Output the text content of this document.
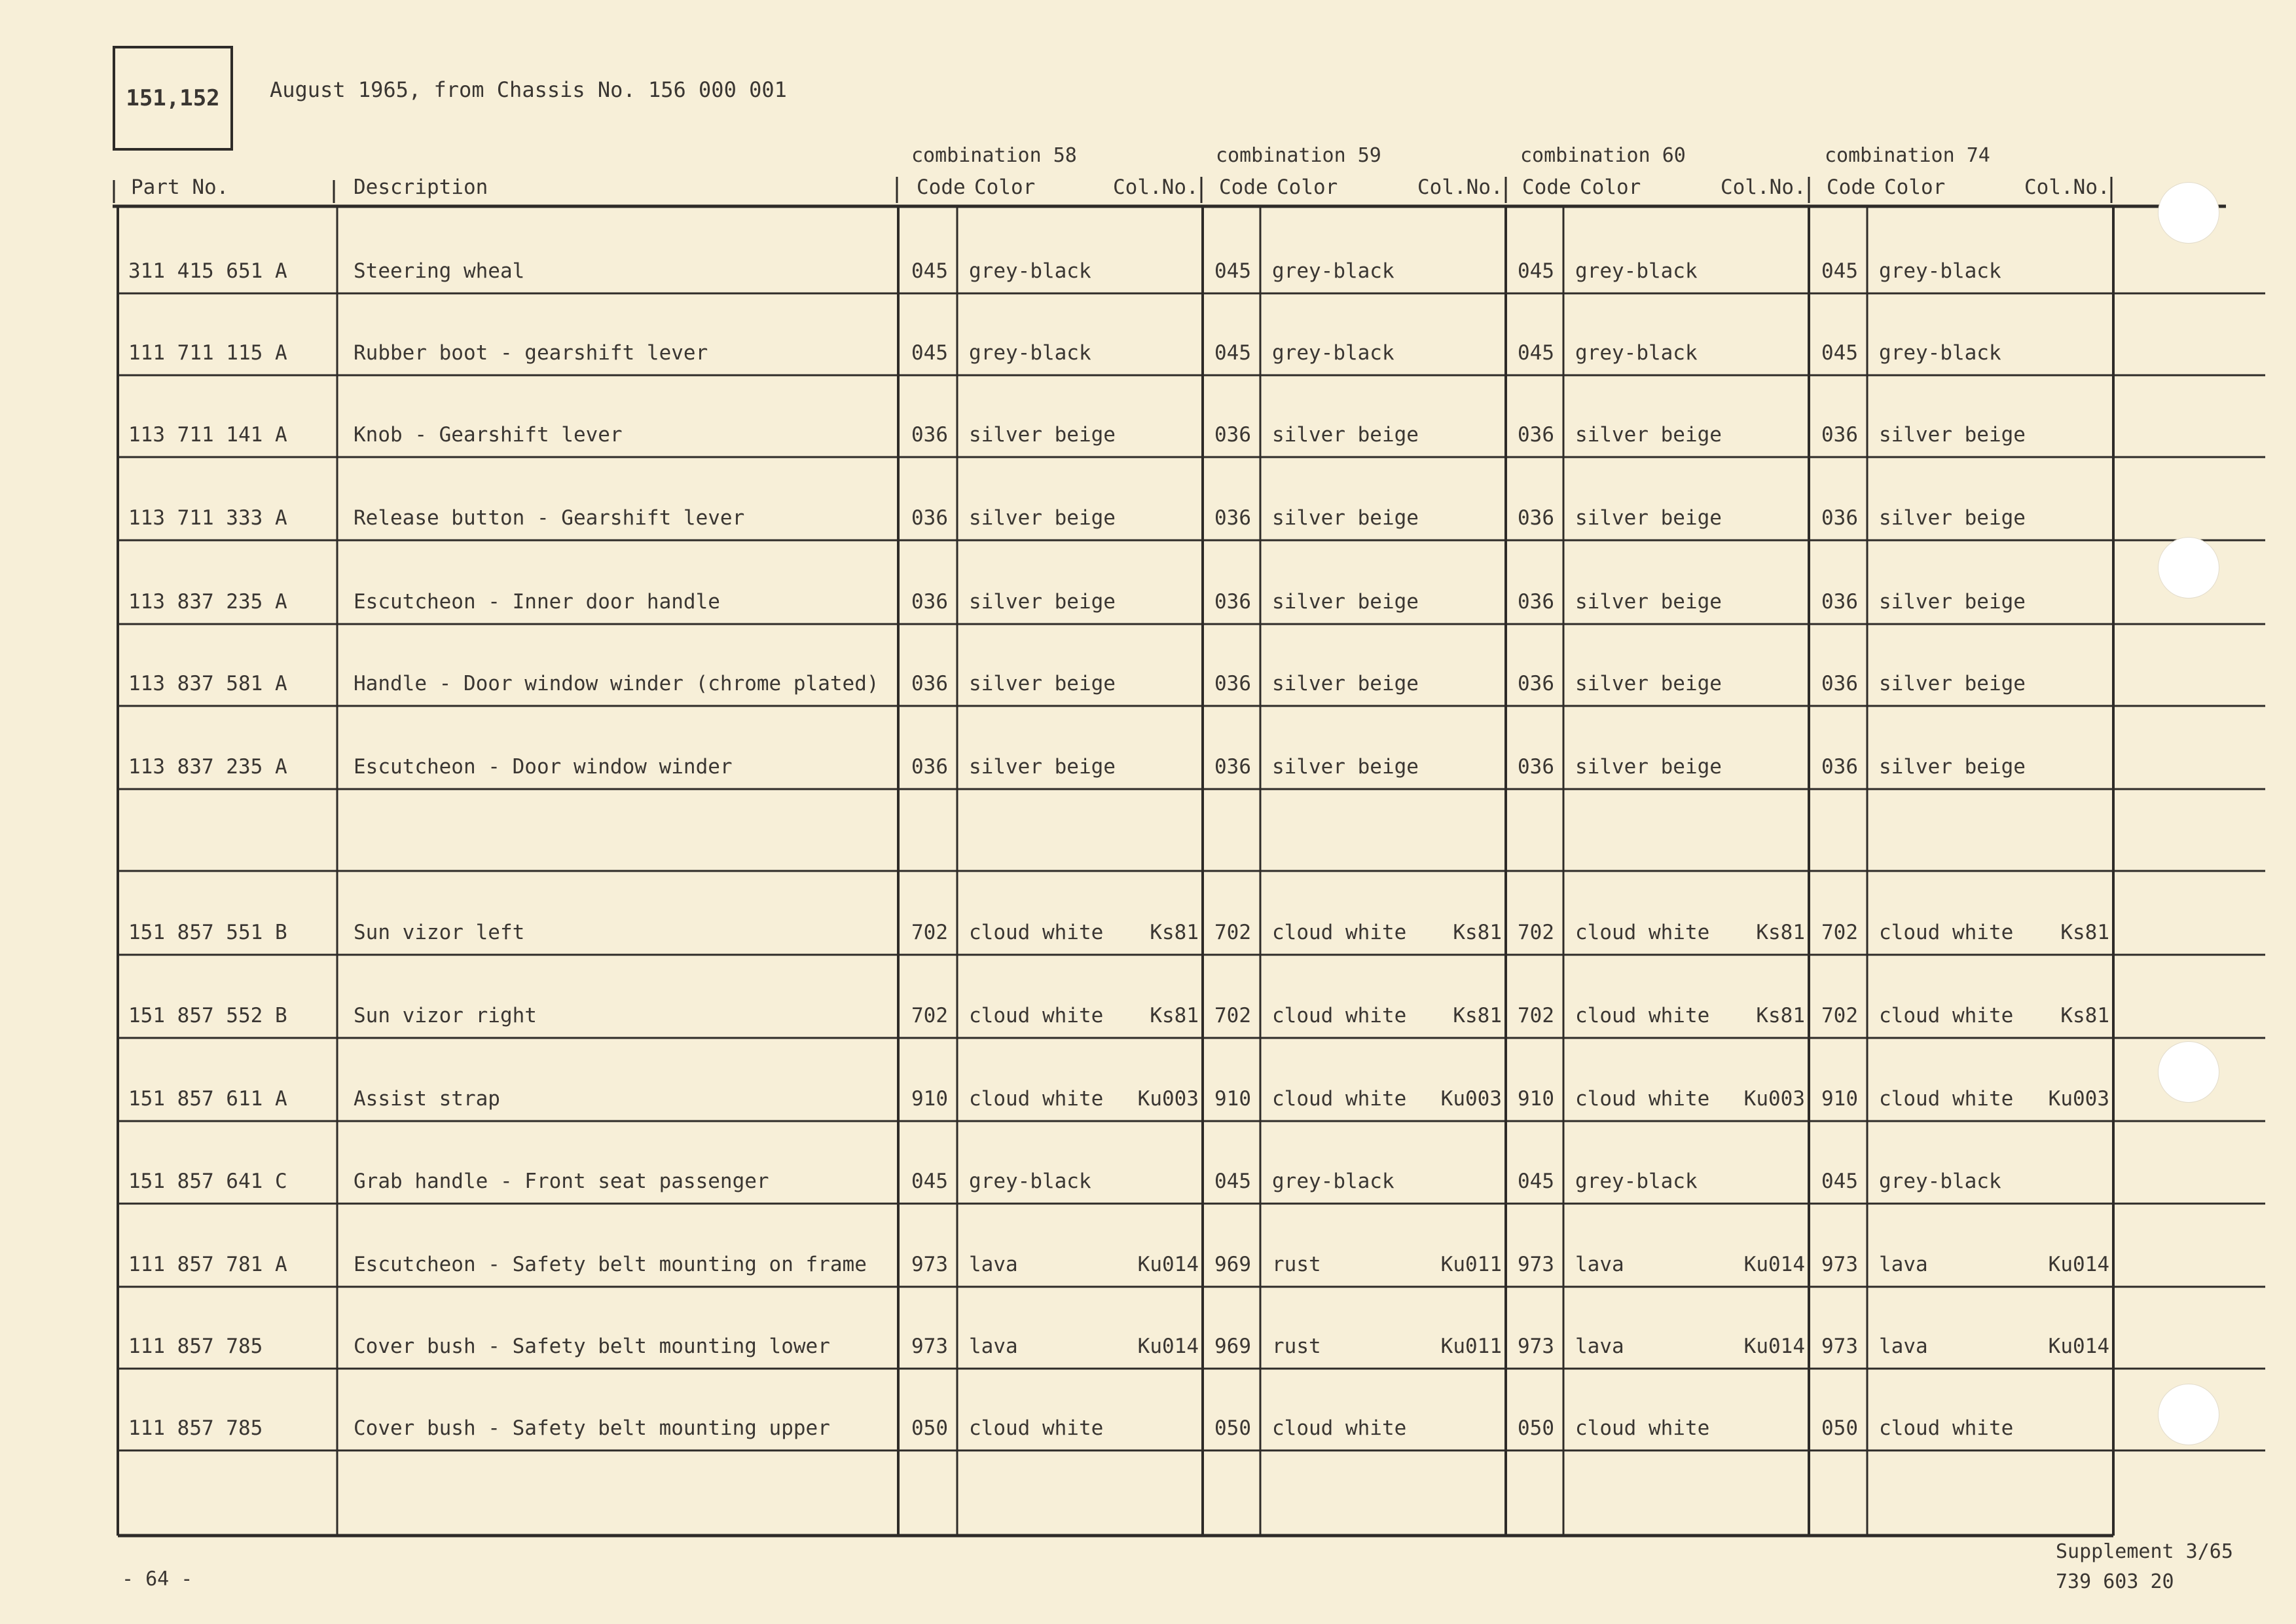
151,152 August 1965, from Chassis No. 156 000 001
combination 58	combination 59	combination 60	combination 74
Part No.	Description	Code Color	Col.No. Code Color	Col.No. Code Color	Col.No. Code Color	Col.No.
311 415 651 A	Steering wheal	045 grey-black	045 grey-black	045 grey-black	045 grey-black
111 711 115 A	Rubber boot - gearshift lever	045 grey-black	045 grey-black	045 grey-black	045 grey-black
113 711 141 A	Knob - Gearshift lever	036 silver beige	036 silver beige	036 silver beige	036 silver beige
113 711 333 A	Release button - Gearshift lever	036 silver beige	036 silver beige	036 silver beige	036 silver beige
113 837 235 A	Escutcheon - Inner door handle	036 silver beige	036 silver beige	036 silver beige	036 silver beige
113 837 581 A	Handle - Door window winder (chrome plated)	036 silver beige	036 silver beige	036 silver beige	036 silver beige
113 837 235 A	Escutcheon - Door window winder	036 silver beige	036 silver beige	036 silver beige	036 silver beige
151 857 551 B	Sun vizor left	702 cloud white	Ks81 702 cloud white	Ks81 702 cloud white	Ks81 702 cloud white	Ks81
151 857 552 B	Sun vizor right	702 cloud white	Ks81 702 cloud white	Ks81 702 cloud white	Ks81 702 cloud white	Ks81
151 857 611 A	Assist strap	910 cloud white	Ku003 910 cloud white	Ku003 910 cloud white	Ku003 910 cloud white	Ku003
151 857 641 C	Grab handle - Front seat passenger	045 grey-black	045 grey-black	045 grey-black	045 grey-black
111 857 781 A	Escutcheon - Safety belt mounting on frame	973 lava	Ku014 969 rust	Ku011 973 lava	Ku014 973 lava	Ku014
111 857 785	Cover bush - Safety belt mounting lower	973 lava	Ku014 969 rust	Ku011 973 lava	Ku014 973 lava	Ku014
111 857 785	Cover bush - Safety belt mounting upper	050 cloud white	050 cloud white	050 cloud white	050 cloud white
- 64 -
Supplement 3/65
739 603 20
